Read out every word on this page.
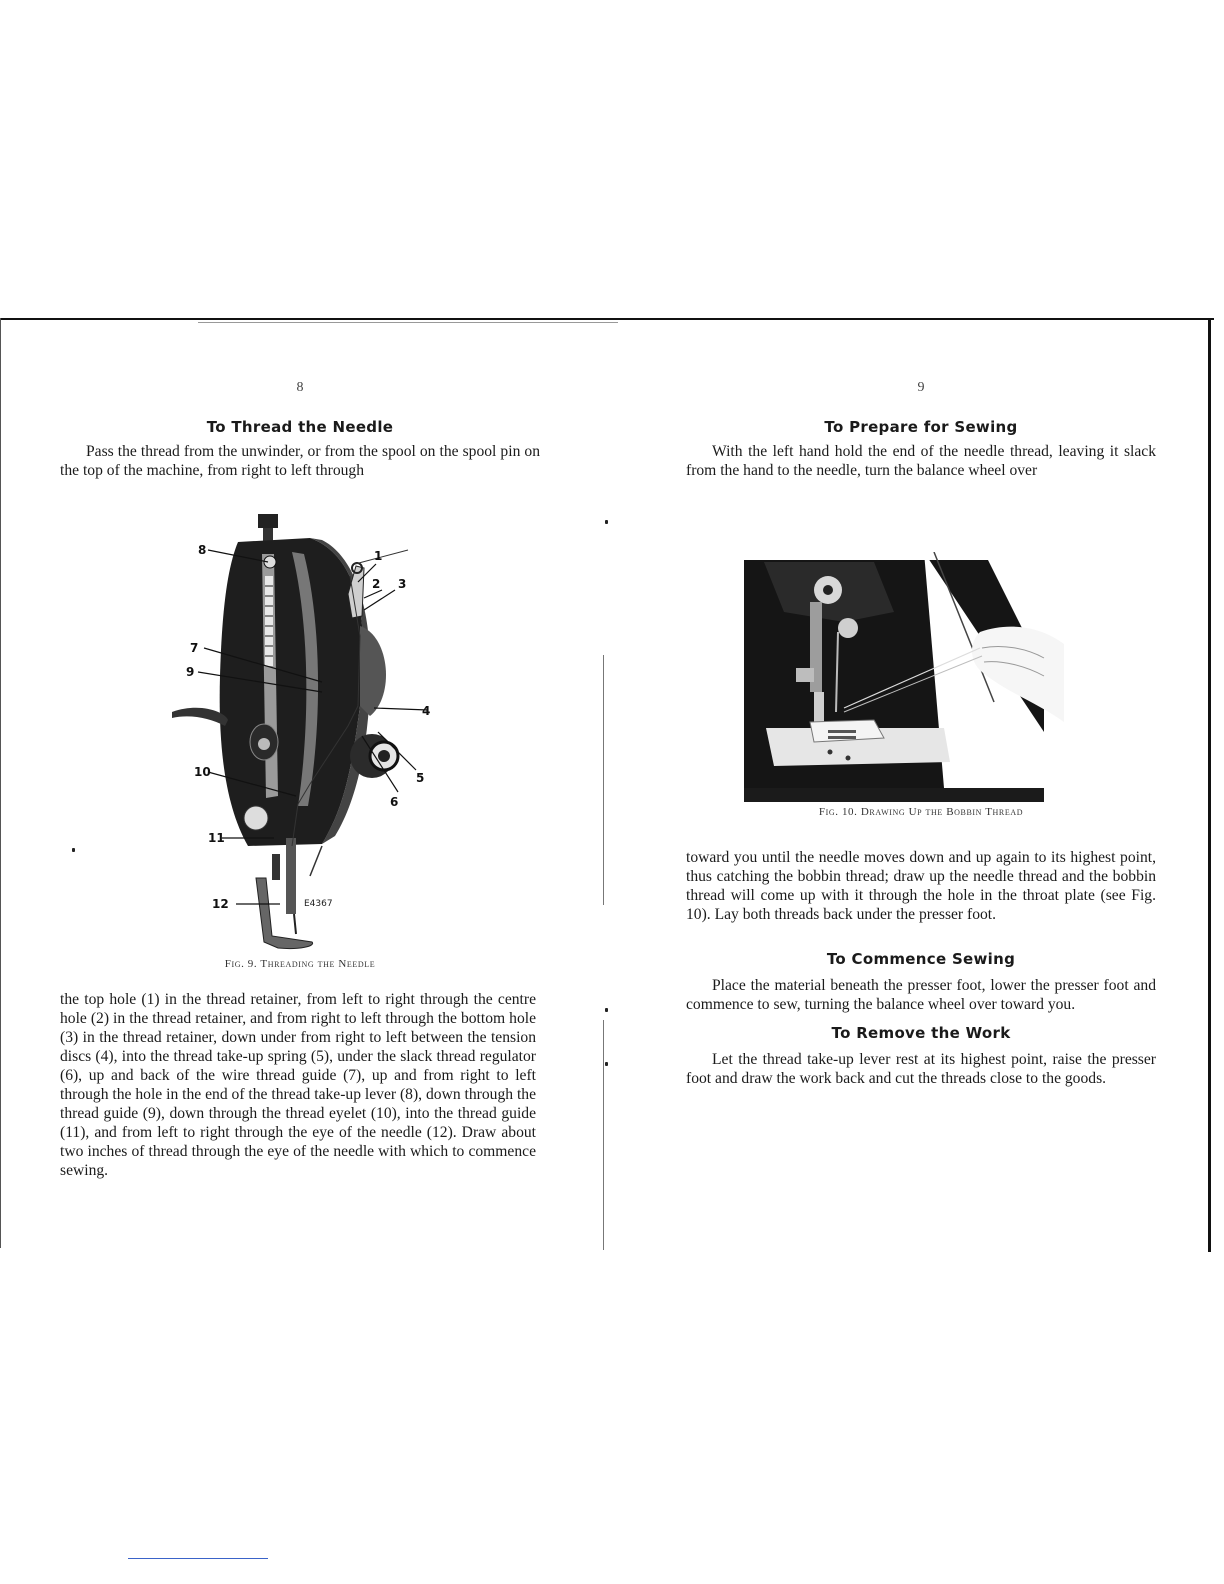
8

To Thread the Needle

Pass the thread from the unwinder, or from the spool on the spool pin on the top of the machine, from right to left through

8	1
2 3
7
9
4
10	5
6
11
12	E4367

Fig. 9. Threading the Needle

the top hole (1) in the thread retainer, from left to right through the centre hole (2) in the thread retainer, and from right to left through the bottom hole (3) in the thread retainer, down under from right to left between the tension discs (4), into the thread take-up spring (5), under the slack thread regulator (6), up and back of the wire thread guide (7), up and from right to left through the hole in the end of the thread take-up lever (8), down through the thread guide (9), down through the thread eyelet (10), into the thread guide (11), and from left to right through the eye of the needle (12). Draw about two inches of thread through the eye of the needle with which to commence sewing.

9

To Prepare for Sewing

With the left hand hold the end of the needle thread, leaving it slack from the hand to the needle, turn the balance wheel over

Fig. 10. Drawing Up the Bobbin Thread

toward you until the needle moves down and up again to its highest point, thus catching the bobbin thread; draw up the needle thread and the bobbin thread will come up with it through the hole in the throat plate (see Fig. 10). Lay both threads back under the presser foot.

To Commence Sewing

Place the material beneath the presser foot, lower the presser foot and commence to sew, turning the balance wheel over toward you.

To Remove the Work

Let the thread take-up lever rest at its highest point, raise the presser foot and draw the work back and cut the threads close to the goods.
